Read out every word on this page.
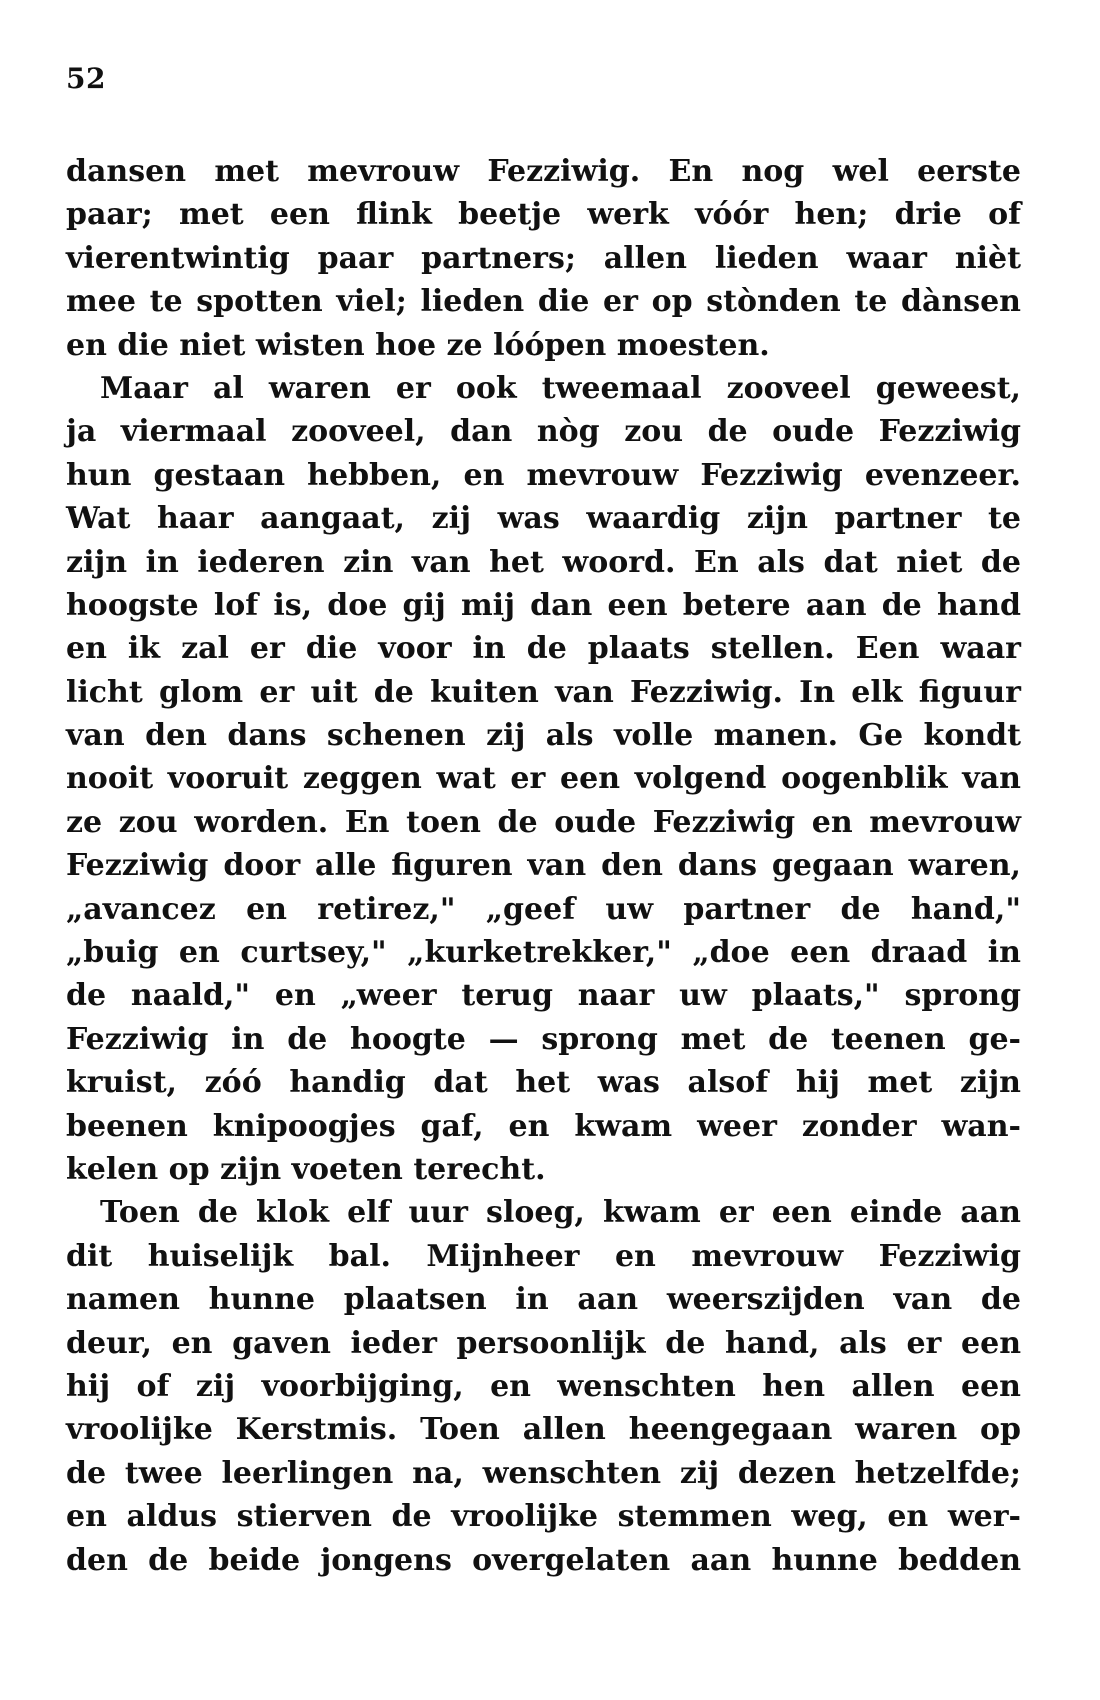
52

dansen met mevrouw Fezziwig. En nog wel eerste
paar; met een flink beetje werk vóór hen; drie of
vierentwintig paar partners; allen lieden waar nièt
mee te spotten viel; lieden die er op stònden te dànsen
en die niet wisten hoe ze lóópen moesten.
Maar al waren er ook tweemaal zooveel geweest,
ja viermaal zooveel, dan nòg zou de oude Fezziwig
hun gestaan hebben, en mevrouw Fezziwig evenzeer.
Wat haar aangaat, zij was waardig zijn partner te
zijn in iederen zin van het woord. En als dat niet de
hoogste lof is, doe gij mij dan een betere aan de hand
en ik zal er die voor in de plaats stellen. Een waar
licht glom er uit de kuiten van Fezziwig. In elk figuur
van den dans schenen zij als volle manen. Ge kondt
nooit vooruit zeggen wat er een volgend oogenblik van
ze zou worden. En toen de oude Fezziwig en mevrouw
Fezziwig door alle figuren van den dans gegaan waren,
„avancez en retirez," „geef uw partner de hand,"
„buig en curtsey," „kurketrekker," „doe een draad in
de naald," en „weer terug naar uw plaats," sprong
Fezziwig in de hoogte — sprong met de teenen ge-
kruist, zóó handig dat het was alsof hij met zijn
beenen knipoogjes gaf, en kwam weer zonder wan-
kelen op zijn voeten terecht.
Toen de klok elf uur sloeg, kwam er een einde aan
dit huiselijk bal. Mijnheer en mevrouw Fezziwig
namen hunne plaatsen in aan weerszijden van de
deur, en gaven ieder persoonlijk de hand, als er een
hij of zij voorbijging, en wenschten hen allen een
vroolijke Kerstmis. Toen allen heengegaan waren op
de twee leerlingen na, wenschten zij dezen hetzelfde;
en aldus stierven de vroolijke stemmen weg, en wer-
den de beide jongens overgelaten aan hunne bedden
